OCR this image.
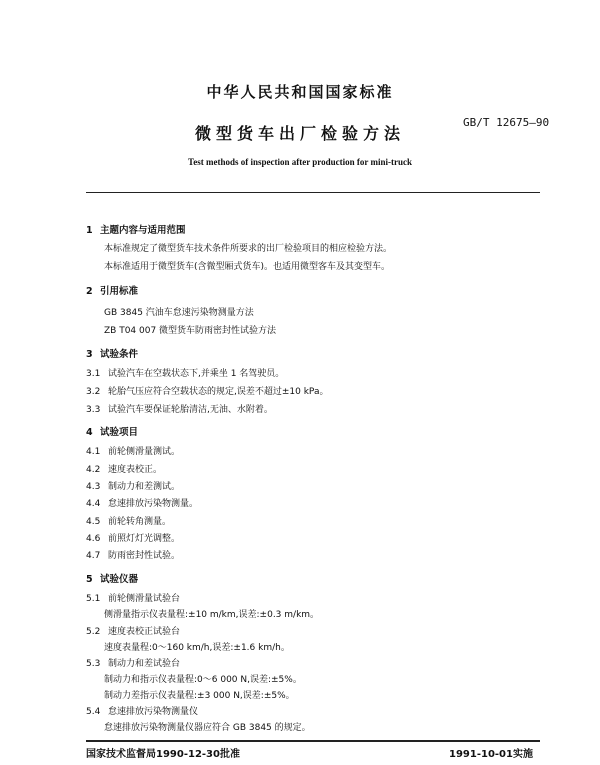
中华人民共和国国家标准
GB/T 12675—90
微型货车出厂检验方法
Test methods of inspection after production for mini-truck
1 主题内容与适用范围
本标准规定了微型货车技术条件所要求的出厂检验项目的相应检验方法。
本标准适用于微型货车(含微型厢式货车)。也适用微型客车及其变型车。
2 引用标准
GB 3845 汽油车怠速污染物测量方法
ZB T04 007 微型货车防雨密封性试验方法
3 试验条件
3.1 试验汽车在空载状态下,并乘坐 1 名驾驶员。
3.2 轮胎气压应符合空载状态的规定,误差不超过±10 kPa。
3.3 试验汽车要保证轮胎清洁,无油、水附着。
4 试验项目
4.1 前轮侧滑量测试。
4.2 速度表校正。
4.3 制动力和差测试。
4.4 怠速排放污染物测量。
4.5 前轮转角测量。
4.6 前照灯灯光调整。
4.7 防雨密封性试验。
5 试验仪器
5.1 前轮侧滑量试验台
侧滑量指示仪表量程:±10 m/km,误差:±0.3 m/km。
5.2 速度表校正试验台
速度表量程:0～160 km/h,误差:±1.6 km/h。
5.3 制动力和差试验台
制动力和指示仪表量程:0～6 000 N,误差:±5%。
制动力差指示仪表量程:±3 000 N,误差:±5%。
5.4 怠速排放污染物测量仪
怠速排放污染物测量仪器应符合 GB 3845 的规定。
国家技术监督局1990-12-30批准	1991-10-01实施
